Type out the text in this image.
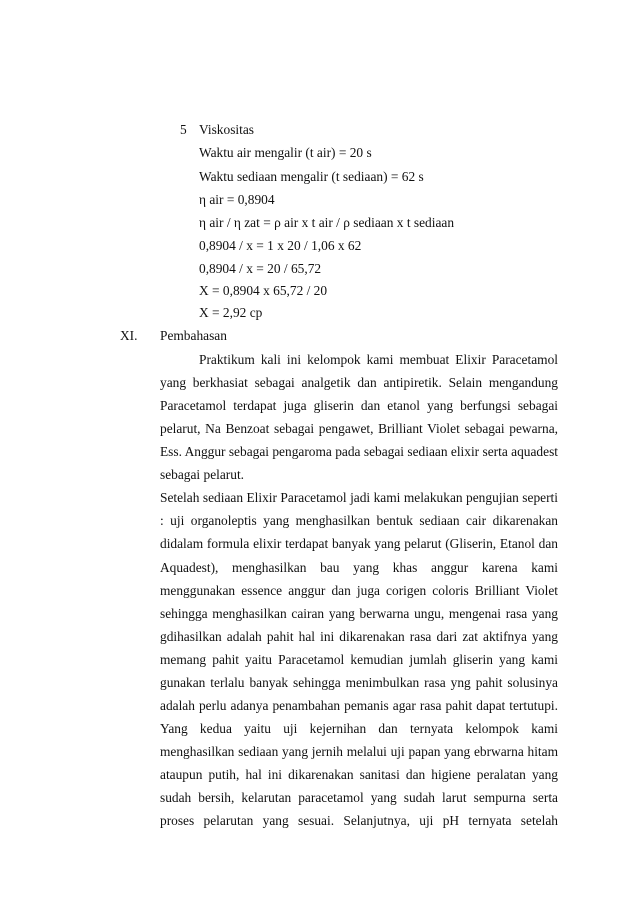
5 Viskositas
Waktu air mengalir (t air) = 20 s
Waktu sediaan mengalir (t sediaan) = 62 s
η air = 0,8904
η air / η zat = ρ air x t air / ρ sediaan x t sediaan
0,8904 / x = 1 x 20 / 1,06 x 62
0,8904 / x = 20 / 65,72
X = 0,8904 x 65,72 / 20
X = 2,92 cp
XI. Pembahasan
Praktikum kali ini kelompok kami membuat Elixir Paracetamol
yang berkhasiat sebagai analgetik dan antipiretik. Selain mengandung
Paracetamol terdapat juga gliserin dan etanol yang berfungsi sebagai
pelarut, Na Benzoat sebagai pengawet, Brilliant Violet sebagai pewarna,
Ess. Anggur sebagai pengaroma pada sebagai sediaan elixir serta aquadest
sebagai pelarut.
Setelah sediaan Elixir Paracetamol jadi kami melakukan pengujian seperti
: uji organoleptis yang menghasilkan bentuk sediaan cair dikarenakan
didalam formula elixir terdapat banyak yang pelarut (Gliserin, Etanol dan
Aquadest), menghasilkan bau yang khas anggur karena kami
menggunakan essence anggur dan juga corigen coloris Brilliant Violet
sehingga menghasilkan cairan yang berwarna ungu, mengenai rasa yang
gdihasilkan adalah pahit hal ini dikarenakan rasa dari zat aktifnya yang
memang pahit yaitu Paracetamol kemudian jumlah gliserin yang kami
gunakan terlalu banyak sehingga menimbulkan rasa yng pahit solusinya
adalah perlu adanya penambahan pemanis agar rasa pahit dapat tertutupi.
Yang kedua yaitu uji kejernihan dan ternyata kelompok kami
menghasilkan sediaan yang jernih melalui uji papan yang ebrwarna hitam
ataupun putih, hal ini dikarenakan sanitasi dan higiene peralatan yang
sudah bersih, kelarutan paracetamol yang sudah larut sempurna serta
proses pelarutan yang sesuai. Selanjutnya, uji pH ternyata setelah
